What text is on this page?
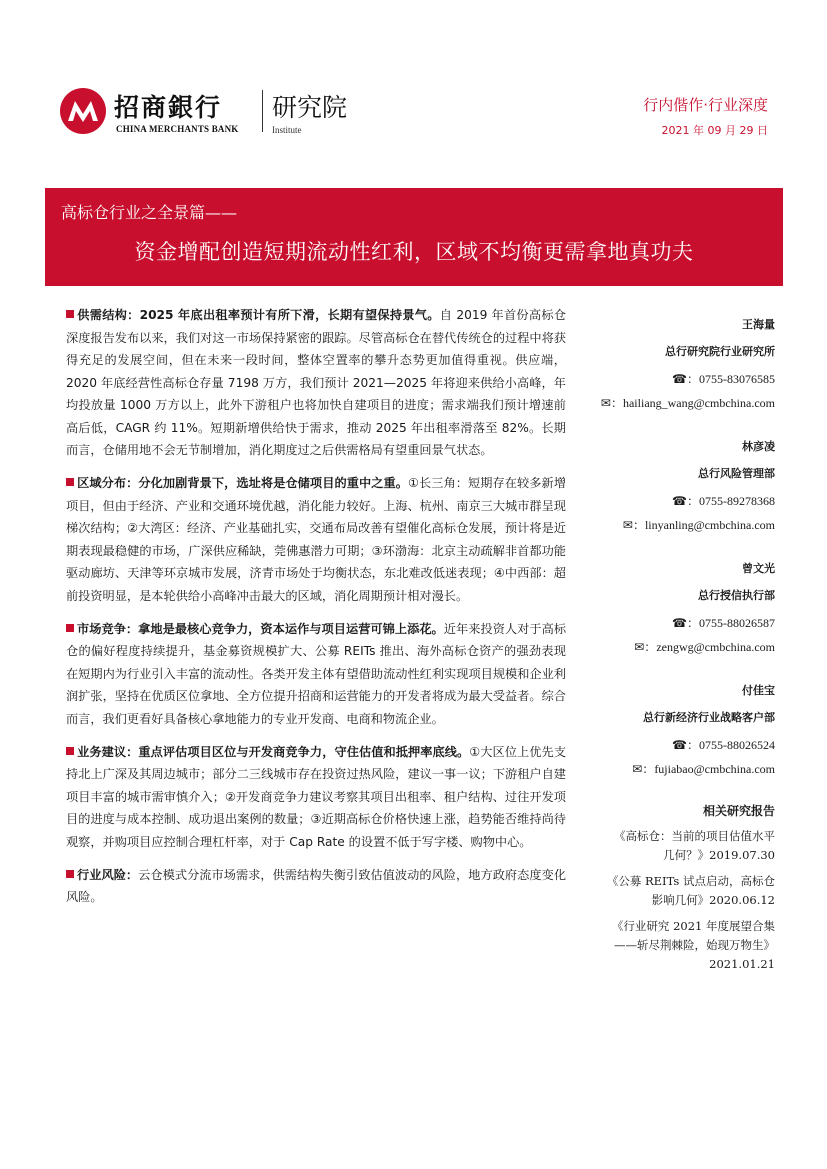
招商銀行
CHINA MERCHANTS BANK
研究院
Institute
行内偕作·行业深度
2021 年 09 月 29 日
高标仓行业之全景篇——
资金增配创造短期流动性红利，区域不均衡更需拿地真功夫

供需结构：2025 年底出租率预计有所下滑，长期有望保持景气。自 2019 年首份高标仓深度报告发布以来，我们对这一市场保持紧密的跟踪。尽管高标仓在替代传统仓的过程中将获得充足的发展空间，但在未来一段时间，整体空置率的攀升态势更加值得重视。供应端，2020 年底经营性高标仓存量 7198 万方，我们预计 2021—2025 年将迎来供给小高峰，年均投放量 1000 万方以上，此外下游租户也将加快自建项目的进度；需求端我们预计增速前高后低，CAGR 约 11%。短期新增供给快于需求，推动 2025 年出租率滑落至 82%。长期而言，仓储用地不会无节制增加，消化期度过之后供需格局有望重回景气状态。

区域分布：分化加剧背景下，选址将是仓储项目的重中之重。①长三角：短期存在较多新增项目，但由于经济、产业和交通环境优越，消化能力较好。上海、杭州、南京三大城市群呈现梯次结构；②大湾区：经济、产业基础扎实，交通布局改善有望催化高标仓发展，预计将是近期表现最稳健的市场，广深供应稀缺，莞佛惠潜力可期；③环渤海：北京主动疏解非首都功能驱动廊坊、天津等环京城市发展，济青市场处于均衡状态，东北难改低迷表现；④中西部：超前投资明显，是本轮供给小高峰冲击最大的区域，消化周期预计相对漫长。

市场竞争：拿地是最核心竞争力，资本运作与项目运营可锦上添花。近年来投资人对于高标仓的偏好程度持续提升，基金募资规模扩大、公募 REITs 推出、海外高标仓资产的强劲表现在短期内为行业引入丰富的流动性。各类开发主体有望借助流动性红利实现项目规模和企业利润扩张，坚持在优质区位拿地、全方位提升招商和运营能力的开发者将成为最大受益者。综合而言，我们更看好具备核心拿地能力的专业开发商、电商和物流企业。

业务建议：重点评估项目区位与开发商竞争力，守住估值和抵押率底线。①大区位上优先支持北上广深及其周边城市；部分二三线城市存在投资过热风险，建议一事一议；下游租户自建项目丰富的城市需审慎介入；②开发商竞争力建议考察其项目出租率、租户结构、过往开发项目的进度与成本控制、成功退出案例的数量；③近期高标仓价格快速上涨，趋势能否维持尚待观察，并购项目应控制合理杠杆率，对于 Cap Rate 的设置不低于写字楼、购物中心。

行业风险：云仓模式分流市场需求，供需结构失衡引致估值波动的风险，地方政府态度变化风险。

王海量
总行研究院行业研究所
☎：0755-83076585
✉：hailiang_wang@cmbchina.com
林彦凌
总行风险管理部
☎：0755-89278368
✉：linyanling@cmbchina.com
曾文光
总行授信执行部
☎：0755-88026587
✉：zengwg@cmbchina.com
付佳宝
总行新经济行业战略客户部
☎：0755-88026524
✉：fujiabao@cmbchina.com
相关研究报告
《高标仓：当前的项目估值水平
几何？》2019.07.30
《公募 REITs 试点启动，高标仓
影响几何》2020.06.12
《行业研究 2021 年度展望合集
——斩尽荆棘险，始现万物生》
2021.01.21
